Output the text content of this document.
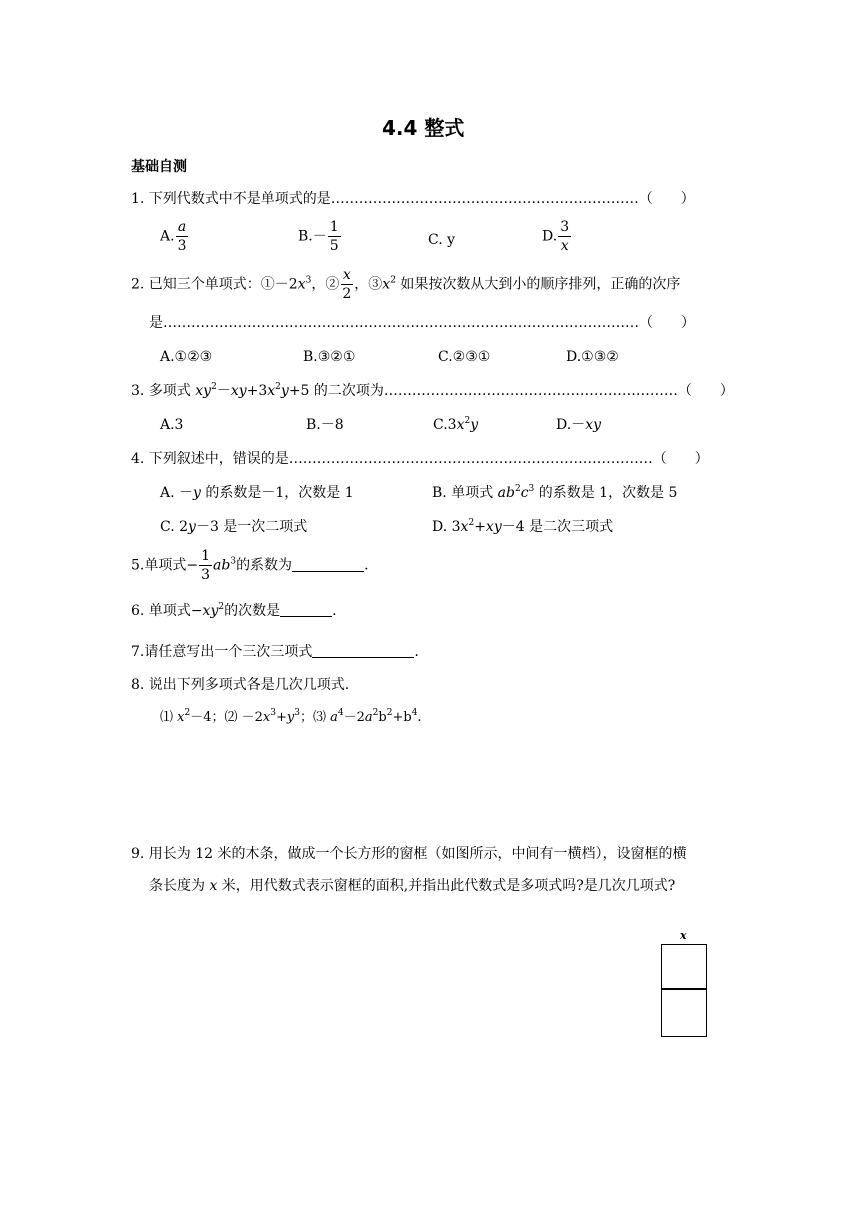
4.4 整式
基础自测
1. 下列代数式中不是单项式的是…………………………………………………………（　　）
A. $\frac{a}{3}$	$B.- \frac{1}{5}$	C. y	D. $\frac{3}{x}$
2. 已知三个单项式：$①-2x^3$，② $\frac{x}{2}$ ，$③x^2$ 如果按次数从大到小的顺序排列，正确的次序
是…………………………………………………………………………………………（　　）
A.①②③	B.③②①	C.②③①	D.①③②
3. 多项式 $xy^2-xy+3x^2y+5$ 的二次项为………………………………………………………（　　）
A.3	B.－8	$C.3x^2y$	D.－xy
4. 下列叙述中，错误的是……………………………………………………………………（　　）
A. －y 的系数是－1，次数是 1	B. 单项式 $ab^2c^3$ 的系数是 1，次数是 5
C. 2y－3 是一次二项式	D. $3x^2+xy-4$ 是二次三项式
5.单项式− $\frac{1}{3} ab^3$的系数为	.
6. 单项式$-xy^2$的次数是	.
7.请任意写出一个三次三项式	.
8. 说出下列多项式各是几次几项式.
⑴ $x^2-4$；⑵ $-2x^3+y^3$；⑶ $a^4-2a^2b^2+b^4$.
9. 用长为 12 米的木条，做成一个长方形的窗框（如图所示，中间有一横档），设窗框的横
条长度为 x 米，用代数式表示窗框的面积,并指出此代数式是多项式吗?是几次几项式?
x
